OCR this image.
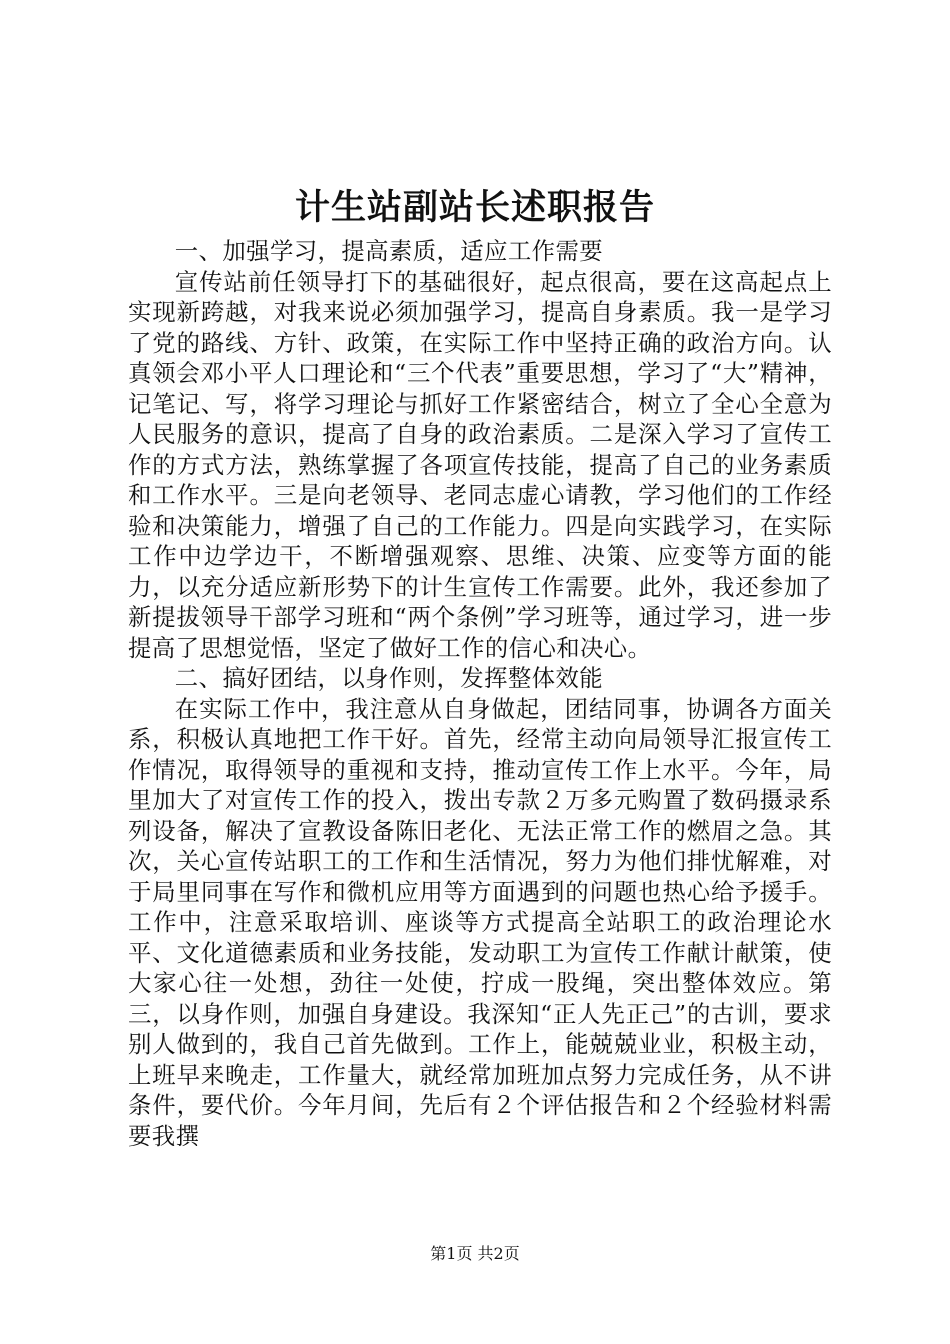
计生站副站长述职报告

一、加强学习，提高素质，适应工作需要

宣传站前任领导打下的基础很好，起点很高，要在这高起点上实现新跨越，对我来说必须加强学习，提高自身素质。我一是学习了党的路线、方针、政策，在实际工作中坚持正确的政治方向。认真领会邓小平人口理论和“三个代表”重要思想，学习了“大”精神，记笔记、写，将学习理论与抓好工作紧密结合，树立了全心全意为人民服务的意识，提高了自身的政治素质。二是深入学习了宣传工作的方式方法，熟练掌握了各项宣传技能，提高了自己的业务素质和工作水平。三是向老领导、老同志虚心请教，学习他们的工作经验和决策能力，增强了自己的工作能力。四是向实践学习，在实际工作中边学边干，不断增强观察、思维、决策、应变等方面的能力，以充分适应新形势下的计生宣传工作需要。此外，我还参加了新提拔领导干部学习班和“两个条例”学习班等，通过学习，进一步提高了思想觉悟，坚定了做好工作的信心和决心。

二、搞好团结，以身作则，发挥整体效能

在实际工作中，我注意从自身做起，团结同事，协调各方面关系，积极认真地把工作干好。首先，经常主动向局领导汇报宣传工作情况，取得领导的重视和支持，推动宣传工作上水平。今年，局里加大了对宣传工作的投入，拨出专款２万多元购置了数码摄录系列设备，解决了宣教设备陈旧老化、无法正常工作的燃眉之急。其次，关心宣传站职工的工作和生活情况，努力为他们排忧解难，对于局里同事在写作和微机应用等方面遇到的问题也热心给予援手。工作中，注意采取培训、座谈等方式提高全站职工的政治理论水平、文化道德素质和业务技能，发动职工为宣传工作献计献策，使大家心往一处想，劲往一处使，拧成一股绳，突出整体效应。第三，以身作则，加强自身建设。我深知“正人先正己”的古训，要求别人做到的，我自己首先做到。工作上，能兢兢业业，积极主动，上班早来晚走，工作量大，就经常加班加点努力完成任务，从不讲条件，要代价。今年月间，先后有２个评估报告和２个经验材料需要我撰

第1页 共2页
